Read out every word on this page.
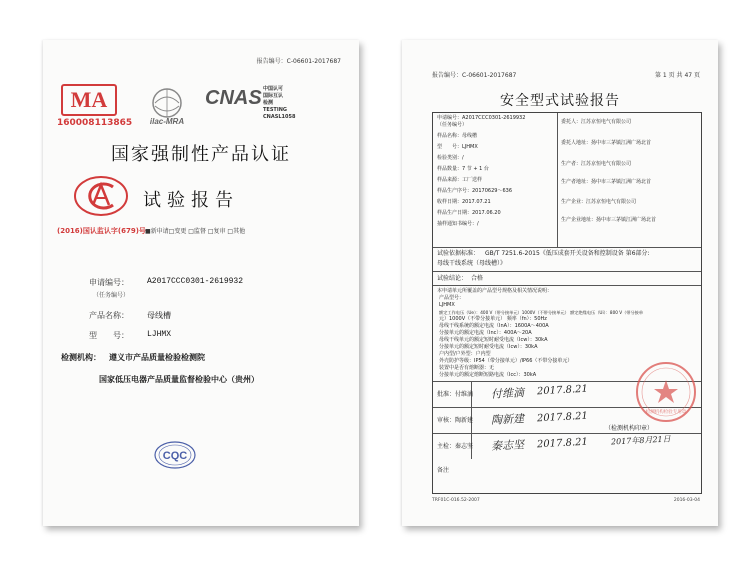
报告编号：C-06601-2017687
MA
160008113865 ilac-MRA
CNAS 中国认可
国际互认
检测
TESTING
CNASL1058
国家强制性产品认证
试验报告
(2016)国认监认字(679)号 ■新申请□变更 □监督 □复审 □其他
申请编号： A2017CCC0301-2619932
（任务编号）
产品名称： 母线槽
型　　号： LJHMX
检测机构： 遵义市产品质量检验检测院
国家低压电器产品质量监督检验中心（贵州）
CQC
报告编号：C-06601-2017687	第 1 页 共 47 页
安全型式试验报告
申请编号：A2017CCC0301-2619932
（任务编号）
样品名称：母线槽
型　　号：LJHMX
检验类别：/
样品数量：7 节 + 1 台
样品来源：工厂送样
样品生产序号：20170629～636
收样日期：2017.07.21
样品生产日期：2017.06.20
抽样通知书编号：/
委托人：江苏京恒电气有限公司
委托人地址：扬中市三茅镇江洲广场北首
生产者：江苏京恒电气有限公司
生产者地址：扬中市三茅镇江洲广场北首
生产企业：江苏京恒电气有限公司
生产企业地址：扬中市三茅镇江洲广场北首
试验依据标准： GB/T 7251.6-2015《低压成套开关设备和控制设备 第6部分:
母线干线系统（母线槽）》
试验结论： 合格
本申请单元所覆盖的产品型号规格及相关情况说明：
产品型号：
LJHMX
额定工作电压（Ue）：400 V（带分接单元）1000V（不带分接单元） 额定绝缘电压（Ui）：800 V（带分接单
元）1000V（不带分接单元） 频率（fn）：50Hz
母线干线系统的额定电流（InA）：1600A～400A
分接单元的额定电流（Inc）：400A～20A
母线干线单元的额定短时耐受电流（Icw）：30kA
分接单元的额定短时耐受电流（Icw）：30kA
户内型/户外型：户内型
外壳防护等级：IP54（带分接单元）/IP66（不带分接单元）
装置中是否有熔断器：无
分接单元的额定熔断短路电流（Icc）：30kA
批准：付维滴 付维滴 2017.8.21
审核：陶新建 陶新建 2017.8.21
主检：秦志坚 秦志坚 2017.8.21
（检测机构印章）
2017年8月21日
备注
检测机构检验专用章
TRF01C-016.52-2007	2016-03-04
